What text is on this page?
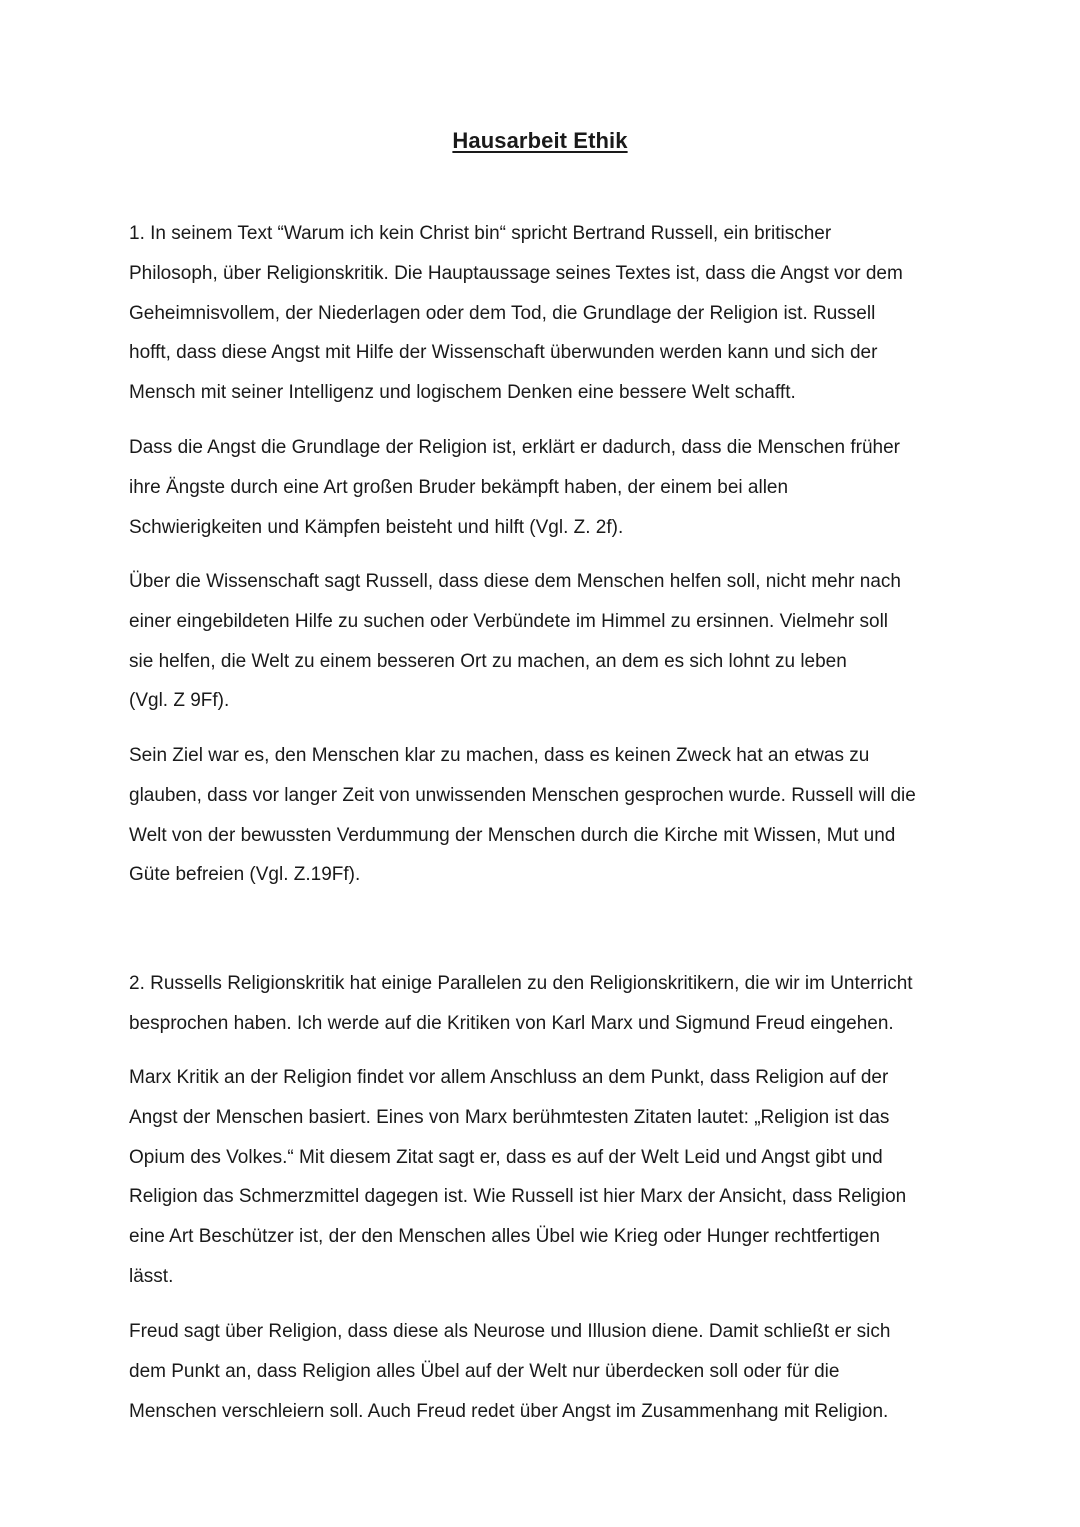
Hausarbeit Ethik
1. In seinem Text “Warum ich kein Christ bin“ spricht Bertrand Russell, ein britischer
Philosoph, über Religionskritik. Die Hauptaussage seines Textes ist, dass die Angst vor dem
Geheimnisvollem, der Niederlagen oder dem Tod, die Grundlage der Religion ist. Russell
hofft, dass diese Angst mit Hilfe der Wissenschaft überwunden werden kann und sich der
Mensch mit seiner Intelligenz und logischem Denken eine bessere Welt schafft.
Dass die Angst die Grundlage der Religion ist, erklärt er dadurch, dass die Menschen früher
ihre Ängste durch eine Art großen Bruder bekämpft haben, der einem bei allen
Schwierigkeiten und Kämpfen beisteht und hilft (Vgl. Z. 2f).
Über die Wissenschaft sagt Russell, dass diese dem Menschen helfen soll, nicht mehr nach
einer eingebildeten Hilfe zu suchen oder Verbündete im Himmel zu ersinnen. Vielmehr soll
sie helfen, die Welt zu einem besseren Ort zu machen, an dem es sich lohnt zu leben
(Vgl. Z 9Ff).
Sein Ziel war es, den Menschen klar zu machen, dass es keinen Zweck hat an etwas zu
glauben, dass vor langer Zeit von unwissenden Menschen gesprochen wurde. Russell will die
Welt von der bewussten Verdummung der Menschen durch die Kirche mit Wissen, Mut und
Güte befreien (Vgl. Z.19Ff).
2. Russells Religionskritik hat einige Parallelen zu den Religionskritikern, die wir im Unterricht
besprochen haben. Ich werde auf die Kritiken von Karl Marx und Sigmund Freud eingehen.
Marx Kritik an der Religion findet vor allem Anschluss an dem Punkt, dass Religion auf der
Angst der Menschen basiert. Eines von Marx berühmtesten Zitaten lautet: „Religion ist das
Opium des Volkes.“ Mit diesem Zitat sagt er, dass es auf der Welt Leid und Angst gibt und
Religion das Schmerzmittel dagegen ist. Wie Russell ist hier Marx der Ansicht, dass Religion
eine Art Beschützer ist, der den Menschen alles Übel wie Krieg oder Hunger rechtfertigen
lässt.
Freud sagt über Religion, dass diese als Neurose und Illusion diene. Damit schließt er sich
dem Punkt an, dass Religion alles Übel auf der Welt nur überdecken soll oder für die
Menschen verschleiern soll. Auch Freud redet über Angst im Zusammenhang mit Religion.
